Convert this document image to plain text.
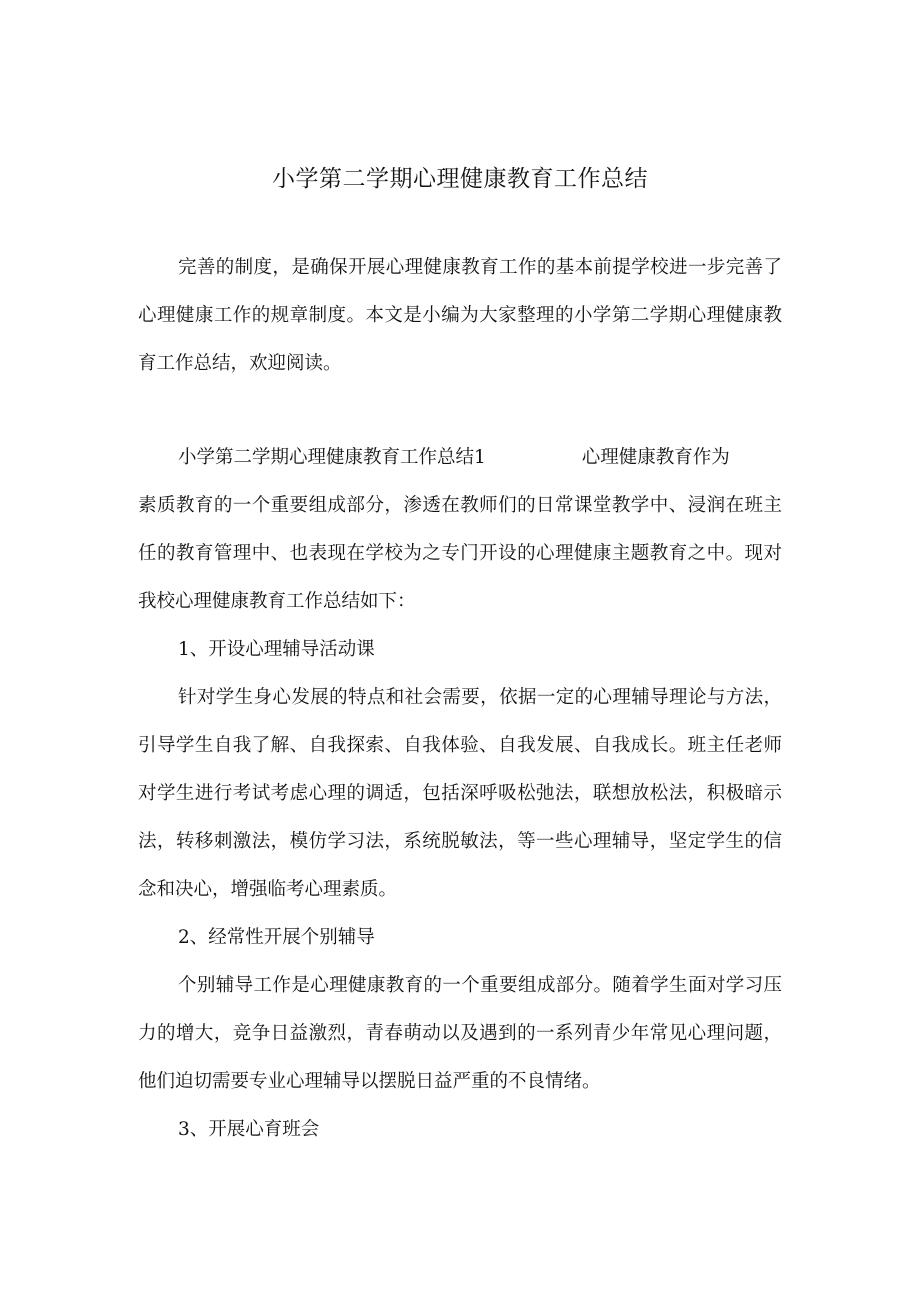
小学第二学期心理健康教育工作总结

完善的制度，是确保开展心理健康教育工作的基本前提学校进一步完善了心理健康工作的规章制度。本文是小编为大家整理的小学第二学期心理健康教育工作总结，欢迎阅读。

小学第二学期心理健康教育工作总结1	心理健康教育作为

素质教育的一个重要组成部分，渗透在教师们的日常课堂教学中、浸润在班主任的教育管理中、也表现在学校为之专门开设的心理健康主题教育之中。现对我校心理健康教育工作总结如下：

1、开设心理辅导活动课

针对学生身心发展的特点和社会需要，依据一定的心理辅导理论与方法，引导学生自我了解、自我探索、自我体验、自我发展、自我成长。班主任老师对学生进行考试考虑心理的调适，包括深呼吸松弛法，联想放松法，积极暗示法，转移刺激法，模仿学习法，系统脱敏法，等一些心理辅导，坚定学生的信念和决心，增强临考心理素质。

2、经常性开展个别辅导

个别辅导工作是心理健康教育的一个重要组成部分。随着学生面对学习压力的增大，竞争日益激烈，青春萌动以及遇到的一系列青少年常见心理问题，他们迫切需要专业心理辅导以摆脱日益严重的不良情绪。

3、开展心育班会
